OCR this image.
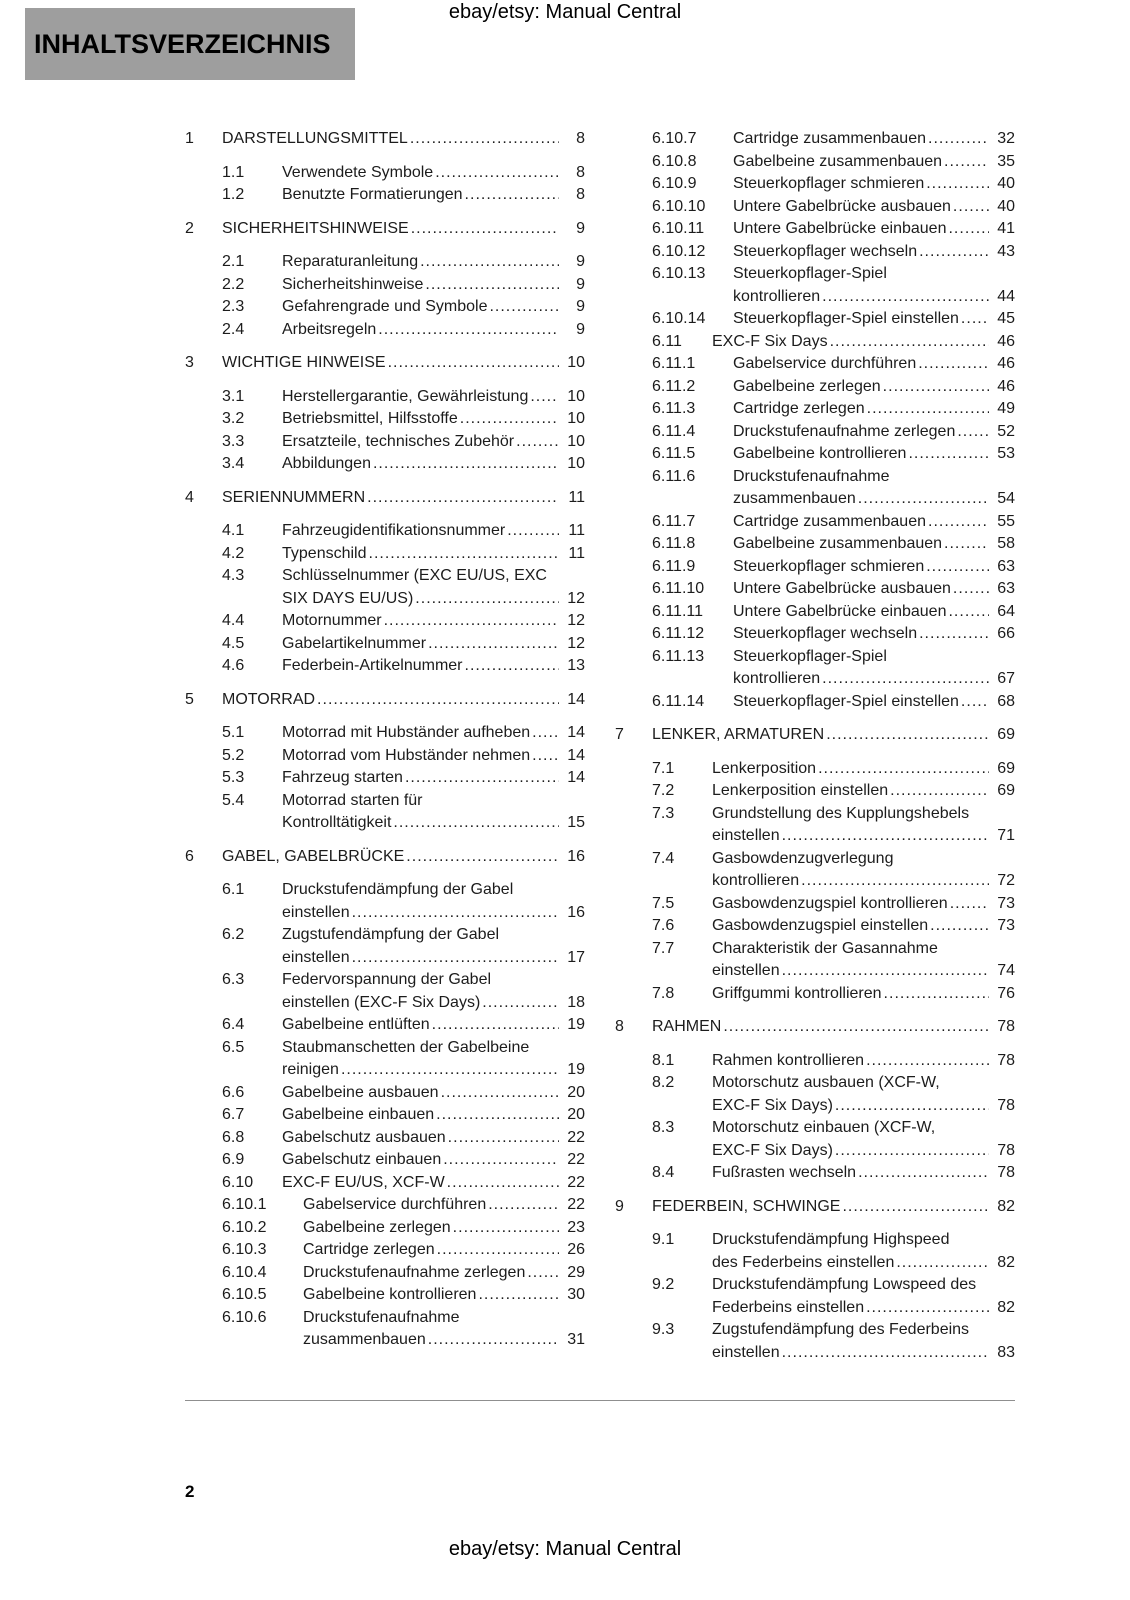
ebay/etsy: Manual Central
INHALTSVERZEICHNIS
1	DARSTELLUNGSMITTEL .....	8
1.1	Verwendete Symbole .....	8
1.2	Benutzte Formatierungen .....	8
2	SICHERHEITSHINWEISE .....	9
2.1	Reparaturanleitung .....	9
2.2	Sicherheitshinweise .....	9
2.3	Gefahrengrade und Symbole .....	9
2.4	Arbeitsregeln .....	9
3	WICHTIGE HINWEISE .....	10
3.1	Herstellergarantie, Gewährleistung ..... 10
3.2	Betriebsmittel, Hilfsstoffe .....	10
3.3	Ersatzteile, technisches Zubehör .....	10
3.4	Abbildungen .....	10
4	SERIENNUMMERN .....	11
4.1	Fahrzeugidentifikationsnummer .....	11
4.2	Typenschild .....	11
4.3	Schlüsselnummer (EXC EU/US, EXC
SIX DAYS EU/US) .....	12
4.4	Motornummer .....	12
4.5	Gabelartikelnummer .....	12
4.6	Federbein-Artikelnummer .....	13
5	MOTORRAD .....	14
5.1	Motorrad mit Hubständer aufheben ..... 14
5.2	Motorrad vom Hubständer nehmen ..... 14
5.3	Fahrzeug starten .....	14
5.4	Motorrad starten für
Kontrolltätigkeit .....	15
6	GABEL, GABELBRÜCKE .....	16
6.1	Druckstufendämpfung der Gabel
einstellen .....	16
6.2	Zugstufendämpfung der Gabel
einstellen .....	17
6.3	Federvorspannung der Gabel
einstellen (EXC-F Six Days) .....	18
6.4	Gabelbeine entlüften .....	19
6.5	Staubmanschetten der Gabelbeine
reinigen .....	19
6.6	Gabelbeine ausbauen .....	20
6.7	Gabelbeine einbauen .....	20
6.8	Gabelschutz ausbauen .....	22
6.9	Gabelschutz einbauen .....	22
6.10	EXC-F EU/US, XCF-W .....	22
6.10.1	Gabelservice durchführen .....	22
6.10.2	Gabelbeine zerlegen .....	23
6.10.3	Cartridge zerlegen .....	26
6.10.4	Druckstufenaufnahme zerlegen .....	29
6.10.5	Gabelbeine kontrollieren .....	30
6.10.6	Druckstufenaufnahme
zusammenbauen .....	31
6.10.7	Cartridge zusammenbauen .....	32
6.10.8	Gabelbeine zusammenbauen .....	35
6.10.9	Steuerkopflager schmieren .....	40
6.10.10	Untere Gabelbrücke ausbauen .....	40
6.10.11	Untere Gabelbrücke einbauen .....	41
6.10.12	Steuerkopflager wechseln .....	43
6.10.13	Steuerkopflager-Spiel
kontrollieren .....	44
6.10.14	Steuerkopflager-Spiel einstellen ..... 45
6.11	EXC-F Six Days .....	46
6.11.1	Gabelservice durchführen .....	46
6.11.2	Gabelbeine zerlegen .....	46
6.11.3	Cartridge zerlegen .....	49
6.11.4	Druckstufenaufnahme zerlegen .....	52
6.11.5	Gabelbeine kontrollieren .....	53
6.11.6	Druckstufenaufnahme
zusammenbauen .....	54
6.11.7	Cartridge zusammenbauen .....	55
6.11.8	Gabelbeine zusammenbauen .....	58
6.11.9	Steuerkopflager schmieren .....	63
6.11.10	Untere Gabelbrücke ausbauen .....	63
6.11.11	Untere Gabelbrücke einbauen .....	64
6.11.12	Steuerkopflager wechseln .....	66
6.11.13	Steuerkopflager-Spiel
kontrollieren .....	67
6.11.14	Steuerkopflager-Spiel einstellen ..... 68
7	LENKER, ARMATUREN .....	69
7.1	Lenkerposition .....	69
7.2	Lenkerposition einstellen .....	69
7.3	Grundstellung des Kupplungshebels
einstellen .....	71
7.4	Gasbowdenzugverlegung
kontrollieren .....	72
7.5	Gasbowdenzugspiel kontrollieren .....	73
7.6	Gasbowdenzugspiel einstellen .....	73
7.7	Charakteristik der Gasannahme
einstellen .....	74
7.8	Griffgummi kontrollieren .....	76
8	RAHMEN .....	78
8.1	Rahmen kontrollieren .....	78
8.2	Motorschutz ausbauen (XCF-W,
EXC-F Six Days) .....	78
8.3	Motorschutz einbauen (XCF-W,
EXC-F Six Days) .....	78
8.4	Fußrasten wechseln .....	78
9	FEDERBEIN, SCHWINGE .....	82
9.1	Druckstufendämpfung Highspeed
des Federbeins einstellen .....	82
9.2	Druckstufendämpfung Lowspeed des
Federbeins einstellen .....	82
9.3	Zugstufendämpfung des Federbeins
einstellen .....	83
2
ebay/etsy: Manual Central
